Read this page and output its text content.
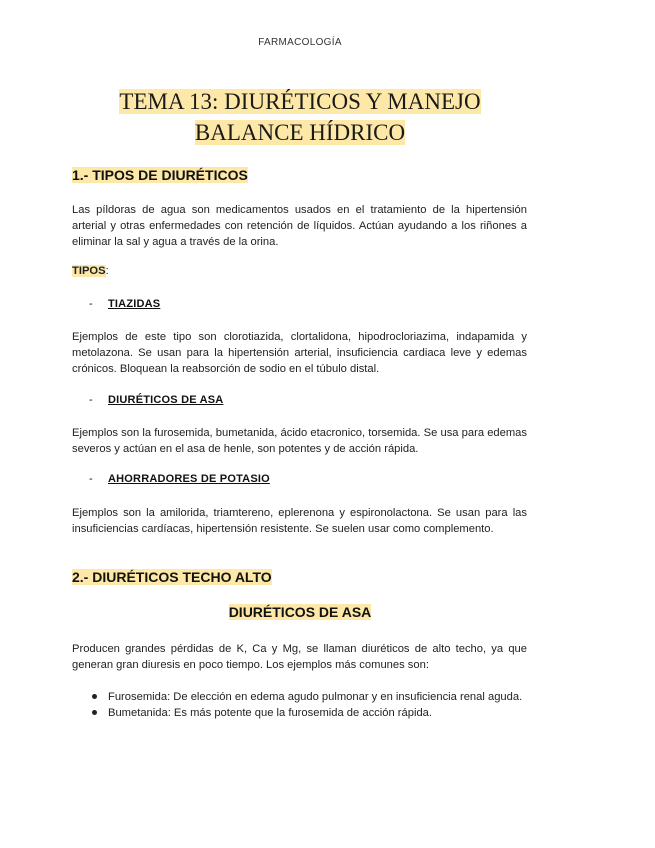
FARMACOLOGÍA
TEMA 13: DIURÉTICOS Y MANEJO
BALANCE HÍDRICO
1.- TIPOS DE DIURÉTICOS
Las píldoras de agua son medicamentos usados en el tratamiento de la hipertensión arterial y otras enfermedades con retención de líquidos. Actúan ayudando a los riñones a eliminar la sal y agua a través de la orina.
TIPOS:
- TIAZIDAS
Ejemplos de este tipo son clorotiazida, clortalidona, hipodrocloriazima, indapamida y metolazona. Se usan para la hipertensión arterial, insuficiencia cardiaca leve y edemas crónicos. Bloquean la reabsorción de sodio en el túbulo distal.
- DIURÉTICOS DE ASA
Ejemplos son la furosemida, bumetanida, ácido etacronico, torsemida. Se usa para edemas severos y actúan en el asa de henle, son potentes y de acción rápida.
- AHORRADORES DE POTASIO
Ejemplos son la amilorida, triamtereno, eplerenona y espironolactona. Se usan para las insuficiencias cardíacas, hipertensión resistente. Se suelen usar como complemento.
2.- DIURÉTICOS TECHO ALTO
DIURÉTICOS DE ASA
Producen grandes pérdidas de K, Ca y Mg, se llaman diuréticos de alto techo, ya que generan gran diuresis en poco tiempo. Los ejemplos más comunes son:
Furosemida: De elección en edema agudo pulmonar y en insuficiencia renal aguda.
Bumetanida: Es más potente que la furosemida de acción rápida.
